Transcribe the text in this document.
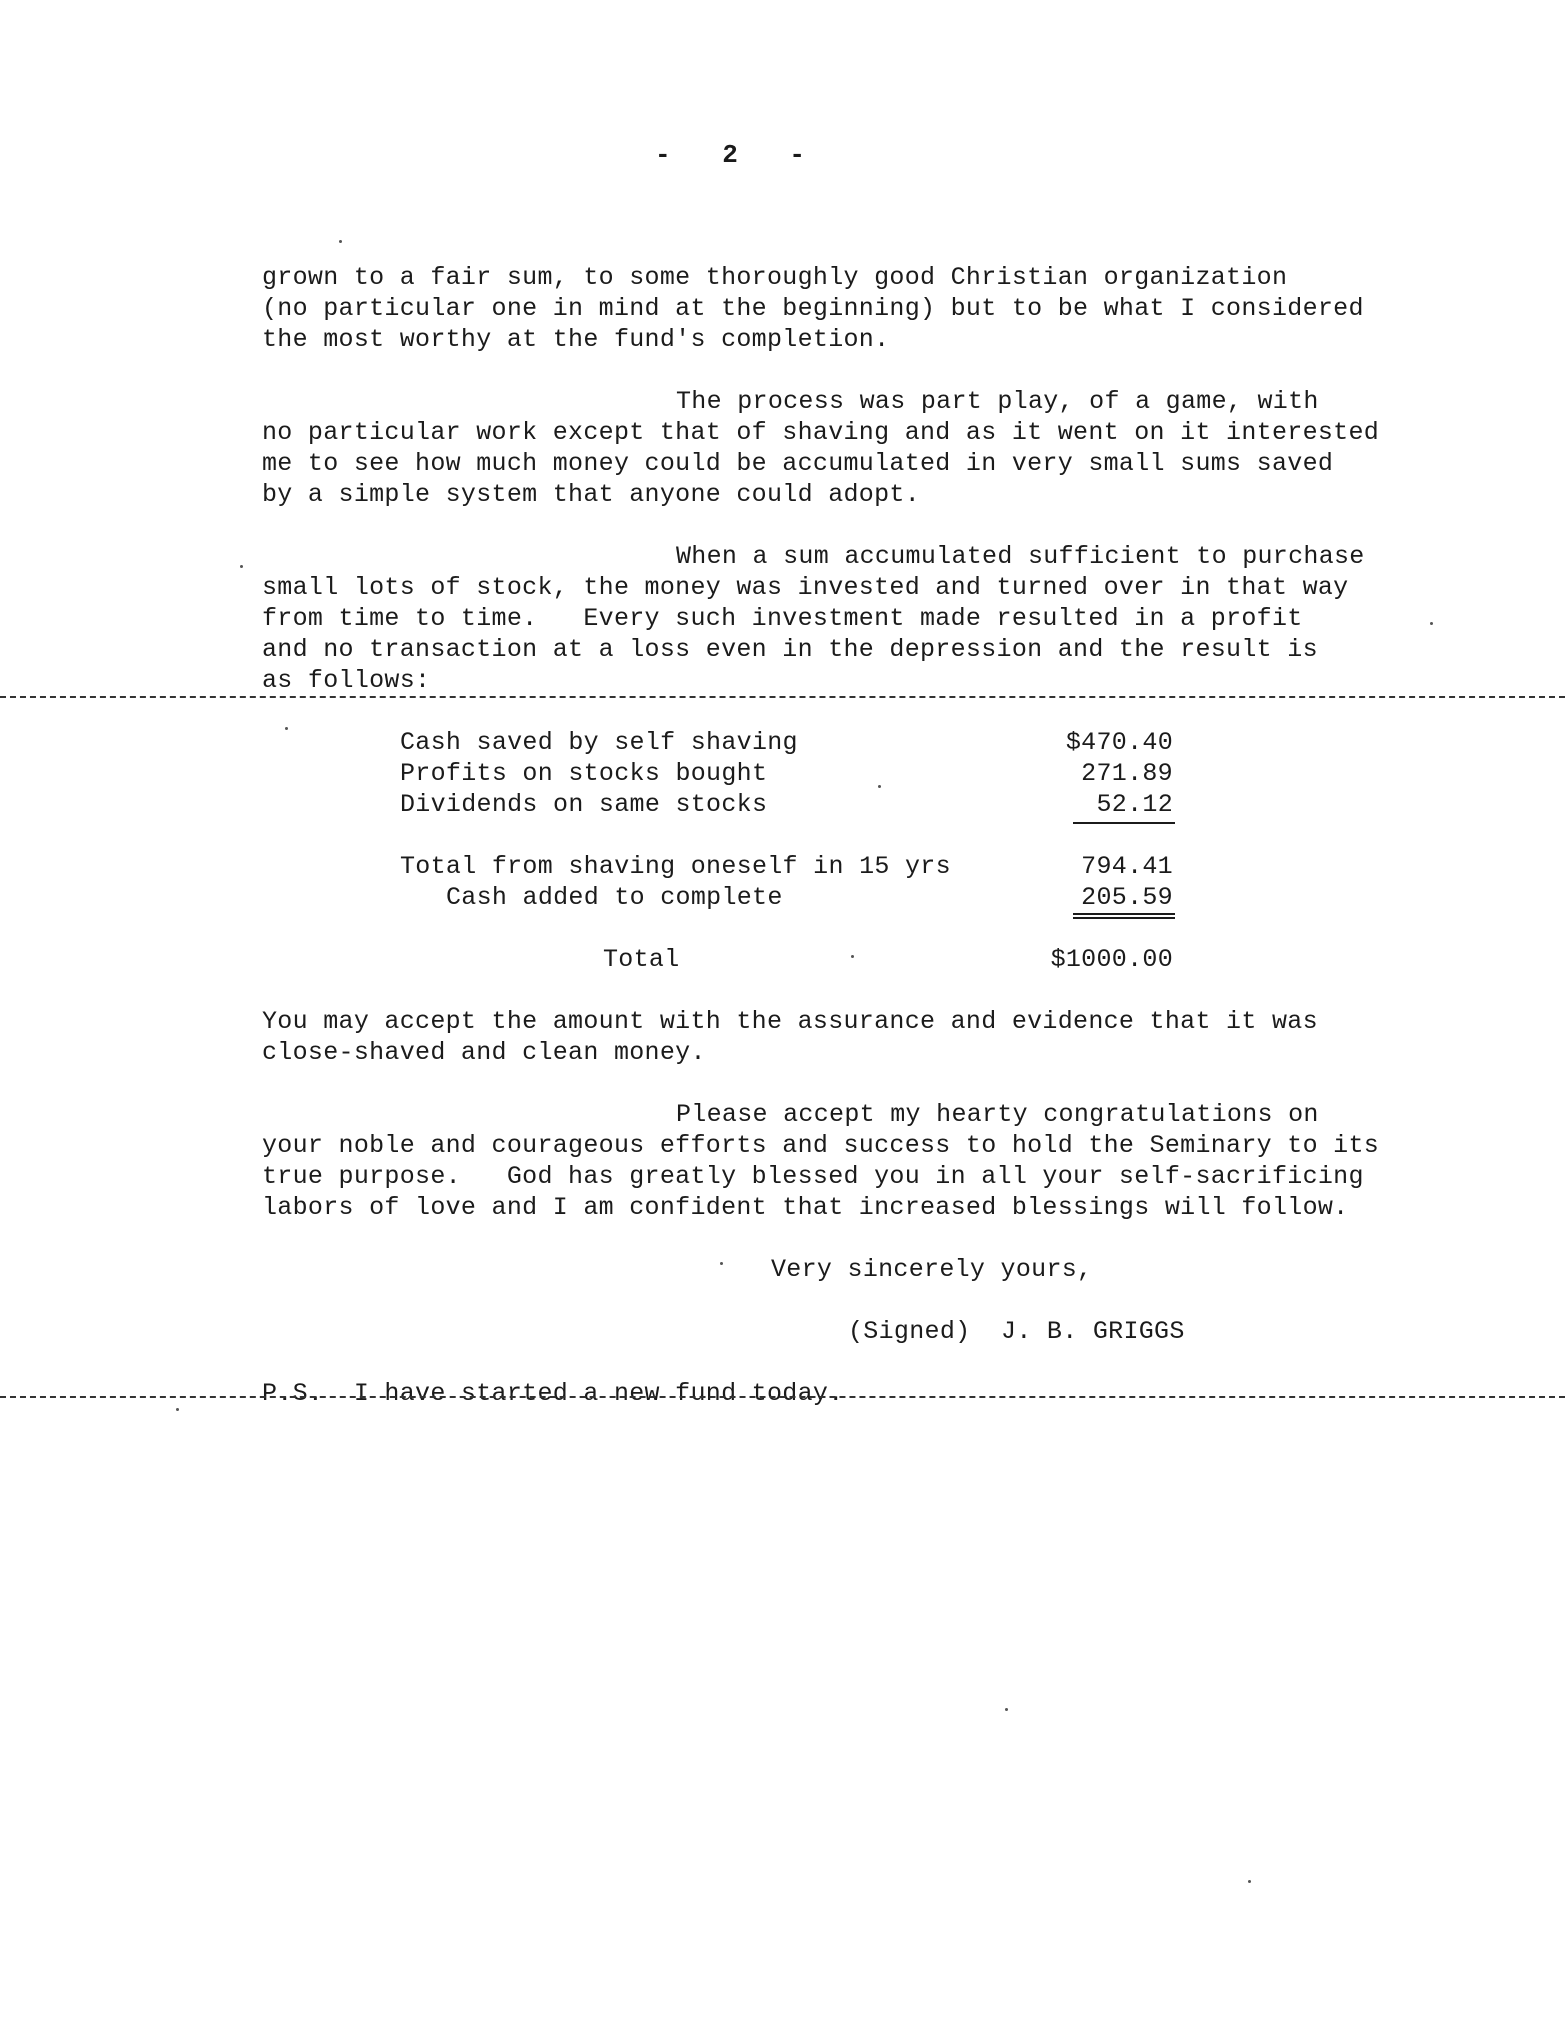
- 2 -
grown to a fair sum, to some thoroughly good Christian organization
(no particular one in mind at the beginning) but to be what I considered
the most worthy at the fund's completion.
The process was part play, of a game, with
no particular work except that of shaving and as it went on it interested
me to see how much money could be accumulated in very small sums saved
by a simple system that anyone could adopt.
When a sum accumulated sufficient to purchase
small lots of stock, the money was invested and turned over in that way
from time to time.   Every such investment made resulted in a profit
and no transaction at a loss even in the depression and the result is
as follows:
Cash saved by self shaving	$470.40
Profits on stocks bought	271.89
Dividends on same stocks	52.12
Total from shaving oneself in 15 yrs	794.41
Cash added to complete	205.59
Total	$1000.00
You may accept the amount with the assurance and evidence that it was
close-shaved and clean money.
Please accept my hearty congratulations on
your noble and courageous efforts and success to hold the Seminary to its
true purpose.   God has greatly blessed you in all your self-sacrificing
labors of love and I am confident that increased blessings will follow.
Very sincerely yours,
(Signed)  J. B. GRIGGS
P.S.  I have started a new fund today.
